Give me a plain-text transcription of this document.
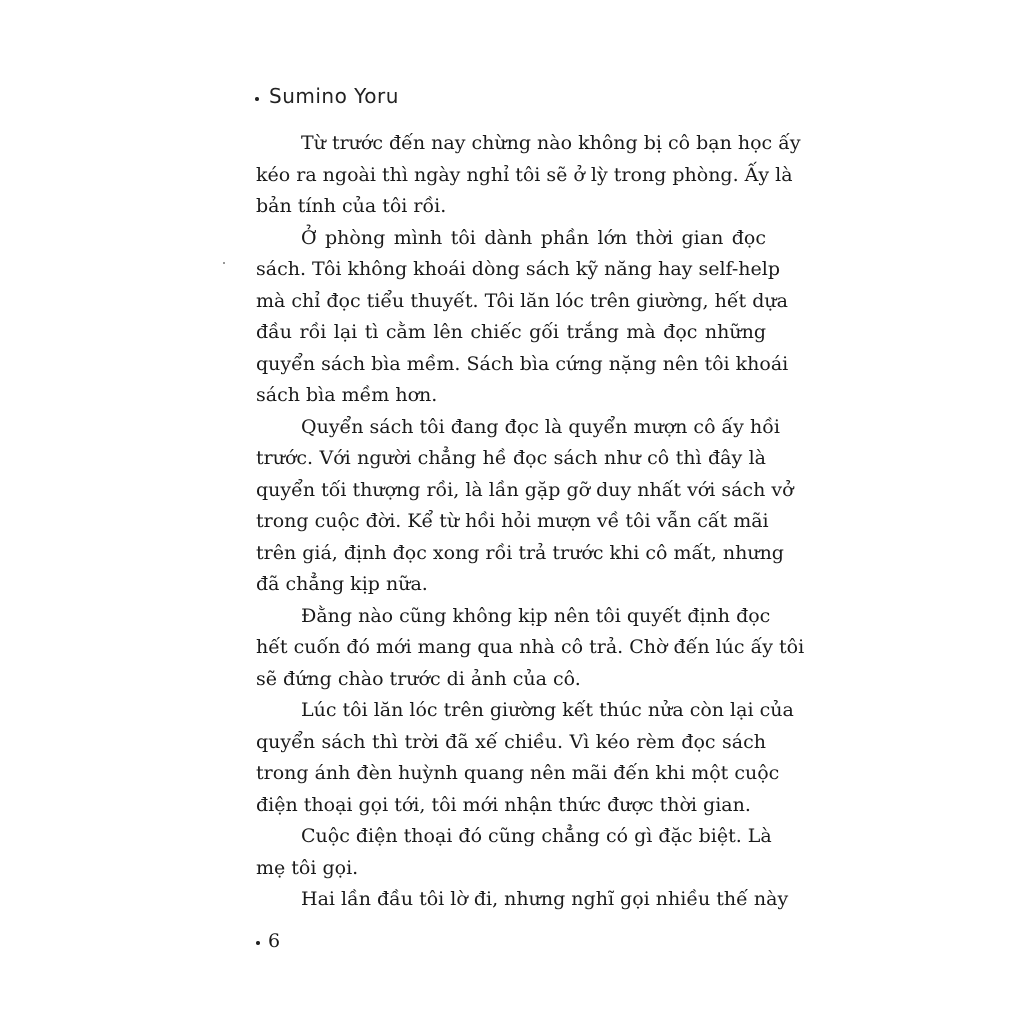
Sumino Yoru
Từ trước đến nay chừng nào không bị cô bạn học ấy
kéo ra ngoài thì ngày nghỉ tôi sẽ ở lỳ trong phòng. Ấy là
bản tính của tôi rồi.
Ở phòng mình tôi dành phần lớn thời gian đọc
sách. Tôi không khoái dòng sách kỹ năng hay self-help
mà chỉ đọc tiểu thuyết. Tôi lăn lóc trên giường, hết dựa
đầu rồi lại tì cằm lên chiếc gối trắng mà đọc những
quyển sách bìa mềm. Sách bìa cứng nặng nên tôi khoái
sách bìa mềm hơn.
Quyển sách tôi đang đọc là quyển mượn cô ấy hồi
trước. Với người chẳng hề đọc sách như cô thì đây là
quyển tối thượng rồi, là lần gặp gỡ duy nhất với sách vở
trong cuộc đời. Kể từ hồi hỏi mượn về tôi vẫn cất mãi
trên giá, định đọc xong rồi trả trước khi cô mất, nhưng
đã chẳng kịp nữa.
Đằng nào cũng không kịp nên tôi quyết định đọc
hết cuốn đó mới mang qua nhà cô trả. Chờ đến lúc ấy tôi
sẽ đứng chào trước di ảnh của cô.
Lúc tôi lăn lóc trên giường kết thúc nửa còn lại của
quyển sách thì trời đã xế chiều. Vì kéo rèm đọc sách
trong ánh đèn huỳnh quang nên mãi đến khi một cuộc
điện thoại gọi tới, tôi mới nhận thức được thời gian.
Cuộc điện thoại đó cũng chẳng có gì đặc biệt. Là
mẹ tôi gọi.
Hai lần đầu tôi lờ đi, nhưng nghĩ gọi nhiều thế này
6
